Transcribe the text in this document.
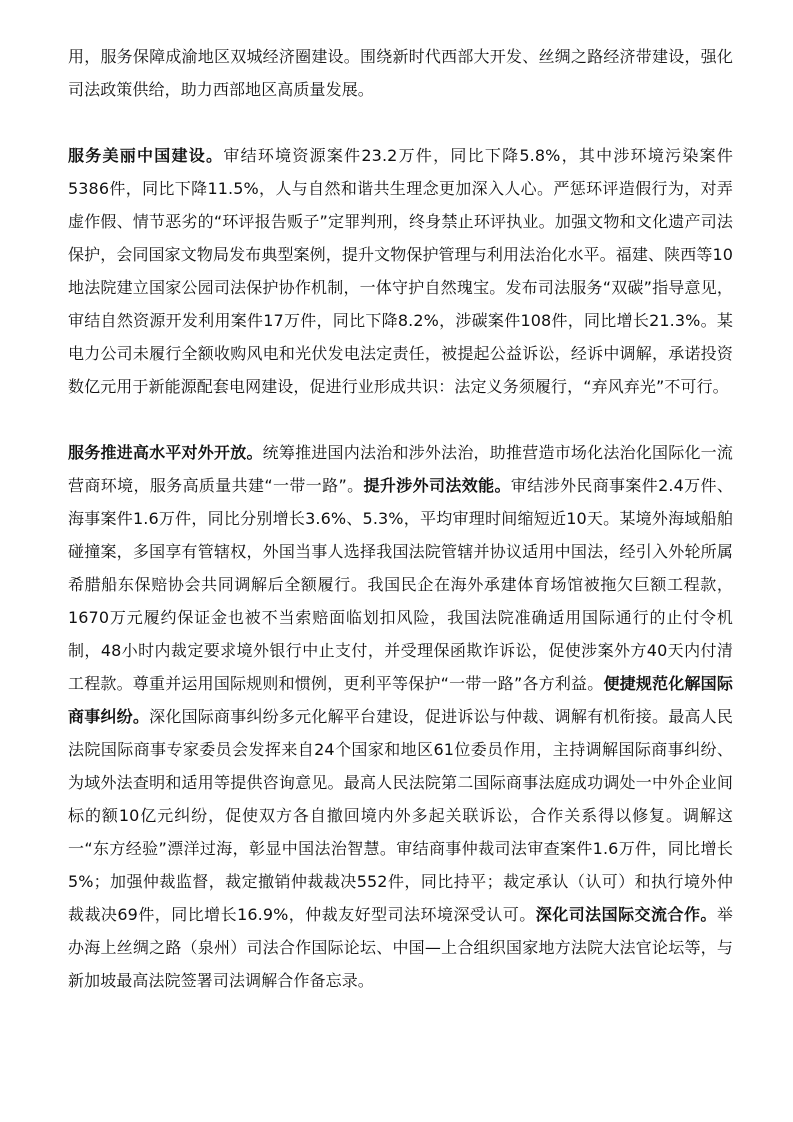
用，服务保障成渝地区双城经济圈建设。围绕新时代西部大开发、丝绸之路经济带建设，强化司法政策供给，助力西部地区高质量发展。

服务美丽中国建设。审结环境资源案件23.2万件，同比下降5.8%，其中涉环境污染案件5386件，同比下降11.5%，人与自然和谐共生理念更加深入人心。严惩环评造假行为，对弄虚作假、情节恶劣的“环评报告贩子”定罪判刑，终身禁止环评执业。加强文物和文化遗产司法保护，会同国家文物局发布典型案例，提升文物保护管理与利用法治化水平。福建、陕西等10地法院建立国家公园司法保护协作机制，一体守护自然瑰宝。发布司法服务“双碳”指导意见，审结自然资源开发利用案件17万件，同比下降8.2%，涉碳案件108件，同比增长21.3%。某电力公司未履行全额收购风电和光伏发电法定责任，被提起公益诉讼，经诉中调解，承诺投资数亿元用于新能源配套电网建设，促进行业形成共识：法定义务须履行，“弃风弃光”不可行。

服务推进高水平对外开放。统筹推进国内法治和涉外法治，助推营造市场化法治化国际化一流营商环境，服务高质量共建“一带一路”。提升涉外司法效能。审结涉外民商事案件2.4万件、海事案件1.6万件，同比分别增长3.6%、5.3%，平均审理时间缩短近10天。某境外海域船舶碰撞案，多国享有管辖权，外国当事人选择我国法院管辖并协议适用中国法，经引入外轮所属希腊船东保赔协会共同调解后全额履行。我国民企在海外承建体育场馆被拖欠巨额工程款，1670万元履约保证金也被不当索赔面临划扣风险，我国法院准确适用国际通行的止付令机制，48小时内裁定要求境外银行中止支付，并受理保函欺诈诉讼，促使涉案外方40天内付清工程款。尊重并运用国际规则和惯例，更利平等保护“一带一路”各方利益。便捷规范化解国际商事纠纷。深化国际商事纠纷多元化解平台建设，促进诉讼与仲裁、调解有机衔接。最高人民法院国际商事专家委员会发挥来自24个国家和地区61位委员作用，主持调解国际商事纠纷、为域外法查明和适用等提供咨询意见。最高人民法院第二国际商事法庭成功调处一中外企业间标的额10亿元纠纷，促使双方各自撤回境内外多起关联诉讼，合作关系得以修复。调解这一“东方经验”漂洋过海，彰显中国法治智慧。审结商事仲裁司法审查案件1.6万件，同比增长5%；加强仲裁监督，裁定撤销仲裁裁决552件，同比持平；裁定承认（认可）和执行境外仲裁裁决69件，同比增长16.9%，仲裁友好型司法环境深受认可。深化司法国际交流合作。举办海上丝绸之路（泉州）司法合作国际论坛、中国—上合组织国家地方法院大法官论坛等，与新加坡最高法院签署司法调解合作备忘录。
